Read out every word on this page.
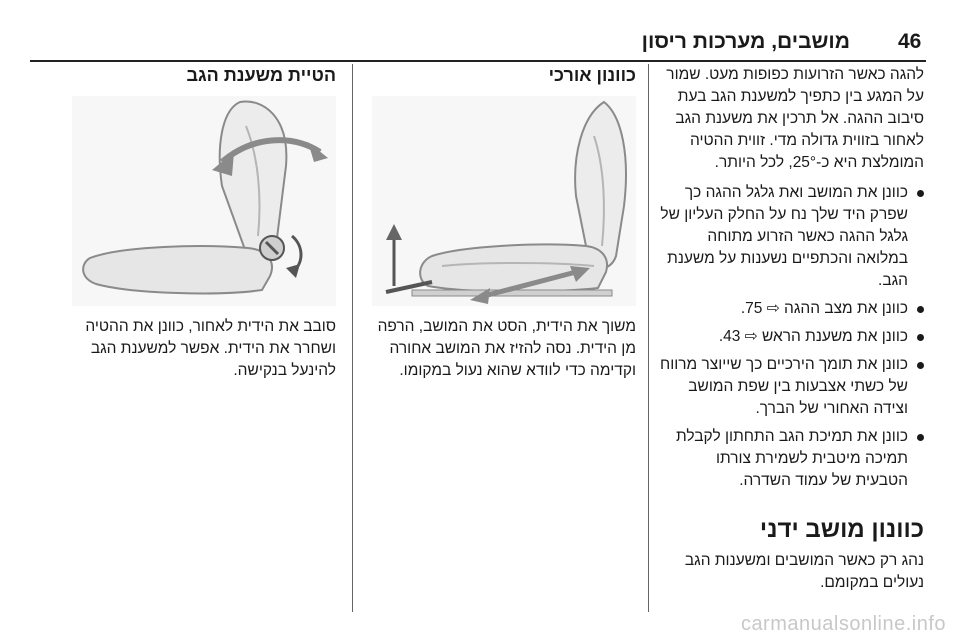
46
מושבים, מערכות ריסון

להגה כאשר הזרועות כפופות מעט. שמור על המגע בין כתפיך למשענת הגב בעת סיבוב ההגה. אל תרכין את משענת הגב לאחור בזווית גדולה מדי. זווית ההטיה המומלצת היא כ-25°, לכל היותר.

כוונן את המושב ואת גלגל ההגה כך שפרק היד שלך נח על החלק העליון של גלגל ההגה כאשר הזרוע מתוחה במלואה והכתפיים נשענות על משענת הגב.
כוונן את מצב ההגה ⇨ 75.
כוונן את משענת הראש ⇨ 43.
כוונן את תומך הירכיים כך שייוצר מרווח של כשתי אצבעות בין שפת המושב וצידה האחורי של הברך.
כוונן את תמיכת הגב התחתון לקבלת תמיכה מיטבית לשמירת צורתו הטבעית של עמוד השדרה.
כוונון מושב ידני

נהג רק כאשר המושבים ומשענות הגב נעולים במקומם.

כוונון אורכי

משוך את הידית, הסט את המושב, הרפה מן הידית. נסה להזיז את המושב אחורה וקדימה כדי לוודא שהוא נעול במקומו.

הטיית משענת הגב

סובב את הידית לאחור, כוונן את ההטיה ושחרר את הידית. אפשר למשענת הגב להינעל בנקישה.

carmanualsonline.info
